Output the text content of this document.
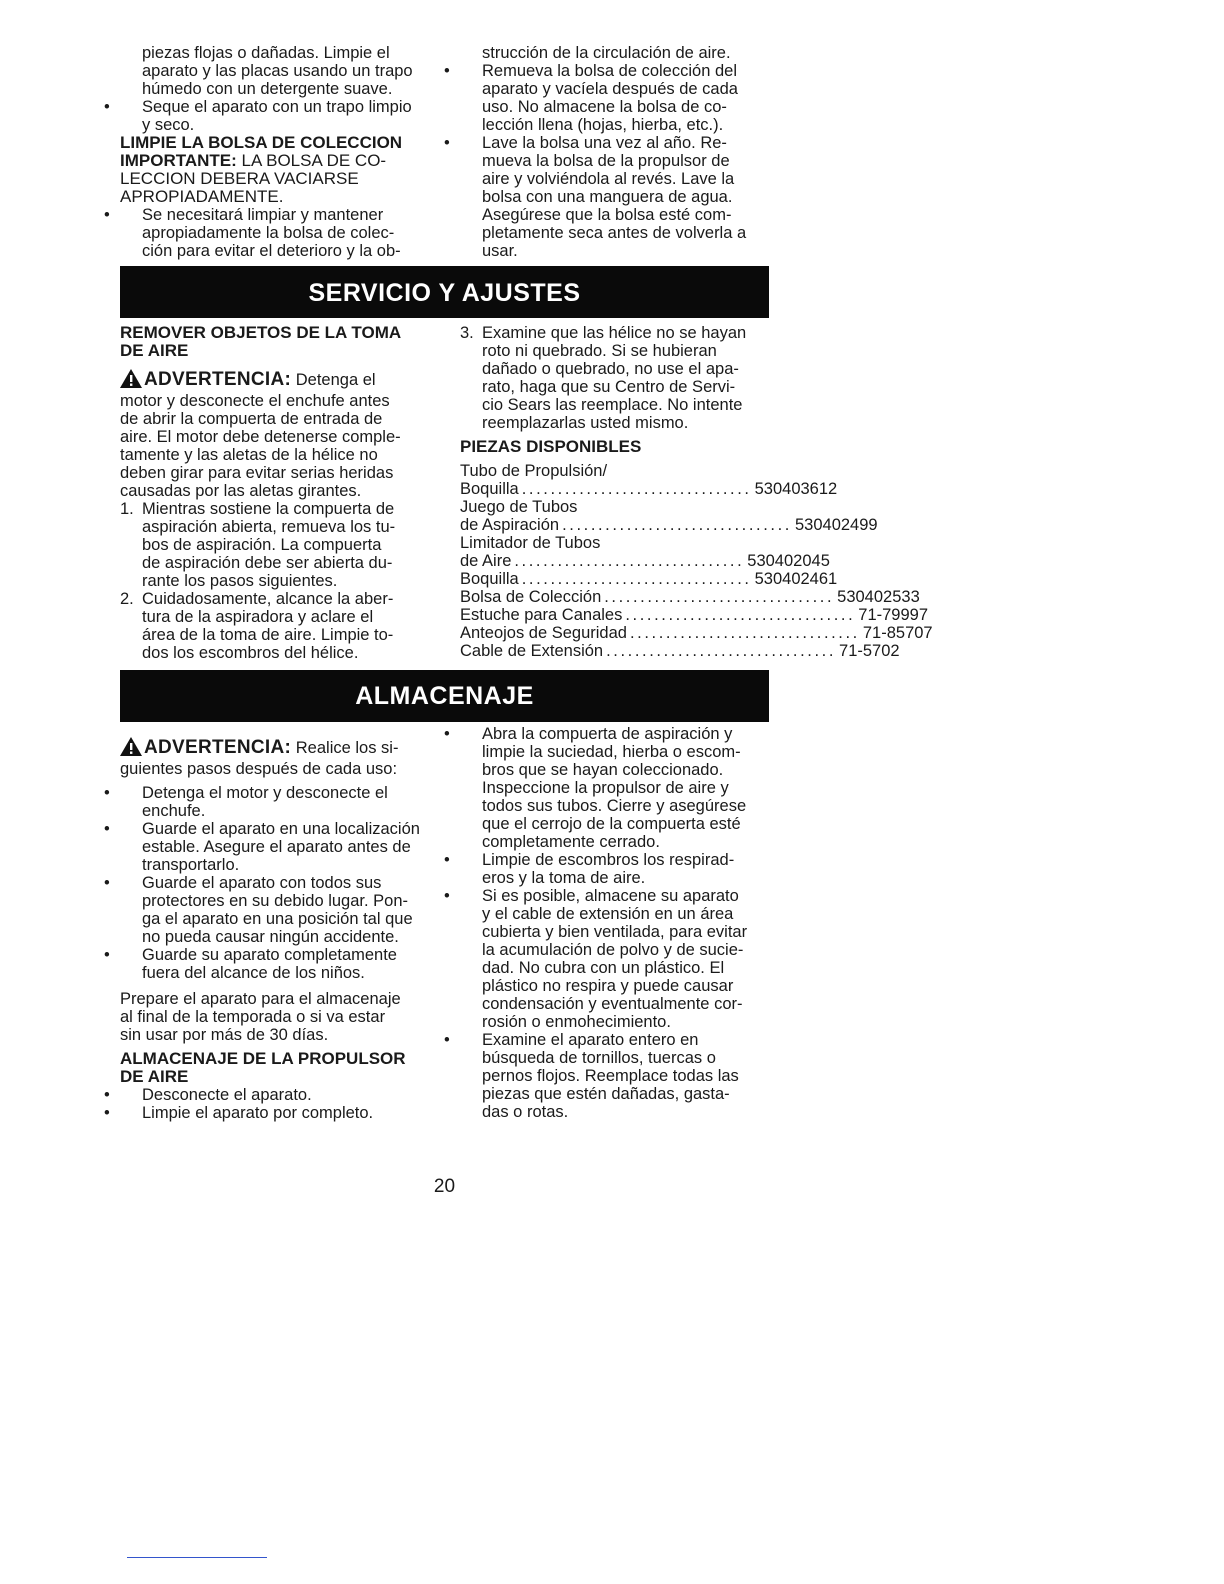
piezas flojas o dañadas. Limpie el
aparato y las placas usando un trapo
húmedo con un detergente suave.
• Seque el aparato con un trapo limpio
y seco.
LIMPIE LA BOLSA DE COLECCION
IMPORTANTE: LA BOLSA DE CO-
LECCION DEBERA VACIARSE
APROPIADAMENTE.
• Se necesitará limpiar y mantener
apropiadamente la bolsa de colec-
ción para evitar el deterioro y la ob-
strucción de la circulación de aire.
• Remueva la bolsa de colección del
aparato y vacíela después de cada
uso. No almacene la bolsa de co-
lección llena (hojas, hierba, etc.).
• Lave la bolsa una vez al año. Re-
mueva la bolsa de la propulsor de
aire y volviéndola al revés. Lave la
bolsa con una manguera de agua.
Asegúrese que la bolsa esté com-
pletamente seca antes de volverla a
usar.
SERVICIO Y AJUSTES
REMOVER OBJETOS DE LA TOMA
DE AIRE
ADVERTENCIA: Detenga el
motor y desconecte el enchufe antes
de abrir la compuerta de entrada de
aire. El motor debe detenerse comple-
tamente y las aletas de la hélice no
deben girar para evitar serias heridas
causadas por las aletas girantes.
1. Mientras sostiene la compuerta de
aspiración abierta, remueva los tu-
bos de aspiración. La compuerta
de aspiración debe ser abierta du-
rante los pasos siguientes.
2. Cuidadosamente, alcance la aber-
tura de la aspiradora y aclare el
área de la toma de aire. Limpie to-
dos los escombros del hélice.
3. Examine que las hélice no se hayan
roto ni quebrado. Si se hubieran
dañado o quebrado, no use el apa-
rato, haga que su Centro de Servi-
cio Sears las reemplace. No intente
reemplazarlas usted mismo.
PIEZAS DISPONIBLES
Tubo de Propulsión/
Boquilla ................................ 530403612
Juego de Tubos
de Aspiración ................................ 530402499
Limitador de Tubos
de Aire ................................ 530402045
Boquilla ................................ 530402461
Bolsa de Colección ................................ 530402533
Estuche para Canales ................................ 71-79997
Anteojos de Seguridad ................................ 71-85707
Cable de Extensión ................................ 71-5702
ALMACENAJE
ADVERTENCIA: Realice los si-
guientes pasos después de cada uso:
• Detenga el motor y desconecte el
enchufe.
• Guarde el aparato en una localización
estable. Asegure el aparato antes de
transportarlo.
• Guarde el aparato con todos sus
protectores en su debido lugar. Pon-
ga el aparato en una posición tal que
no pueda causar ningún accidente.
• Guarde su aparato completamente
fuera del alcance de los niños.
Prepare el aparato para el almacenaje
al final de la temporada o si va estar
sin usar por más de 30 días.
ALMACENAJE DE LA PROPULSOR
DE AIRE
• Desconecte el aparato.
• Limpie el aparato por completo.
• Abra la compuerta de aspiración y
limpie la suciedad, hierba o escom-
bros que se hayan coleccionado.
Inspeccione la propulsor de aire y
todos sus tubos. Cierre y asegúrese
que el cerrojo de la compuerta esté
completamente cerrado.
• Limpie de escombros los respirad-
eros y la toma de aire.
• Si es posible, almacene su aparato
y el cable de extensión en un área
cubierta y bien ventilada, para evitar
la acumulación de polvo y de sucie-
dad. No cubra con un plástico. El
plástico no respira y puede causar
condensación y eventualmente cor-
rosión o enmohecimiento.
• Examine el aparato entero en
búsqueda de tornillos, tuercas o
pernos flojos. Reemplace todas las
piezas que estén dañadas, gasta-
das o rotas.
20
